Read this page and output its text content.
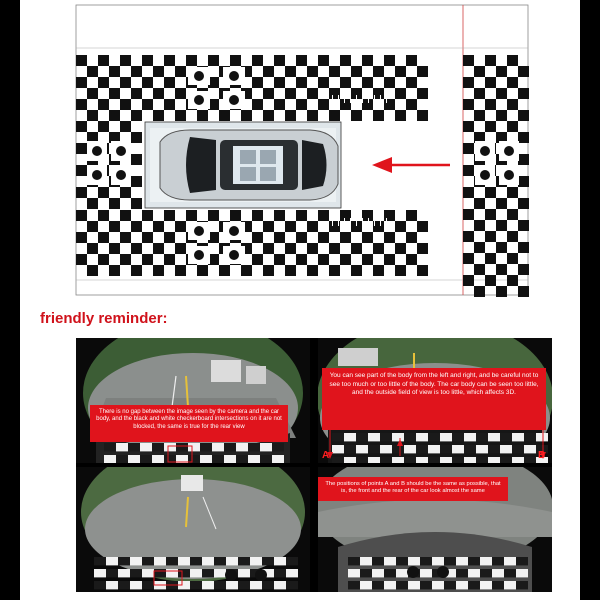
friendly reminder:
There is no gap between the image seen by the camera and the car body, and the black and white checkerboard intersections on it are not blocked, the same is true for the rear view
You can see part of the body from the left and right, and be careful not to see too much or too little of the body. The car body can be seen too little, and the outside field of view is too little, which affects 3D.
A	B
The positions of points A and B should be the same as possible, that is, the front and the rear of the car look almost the same
